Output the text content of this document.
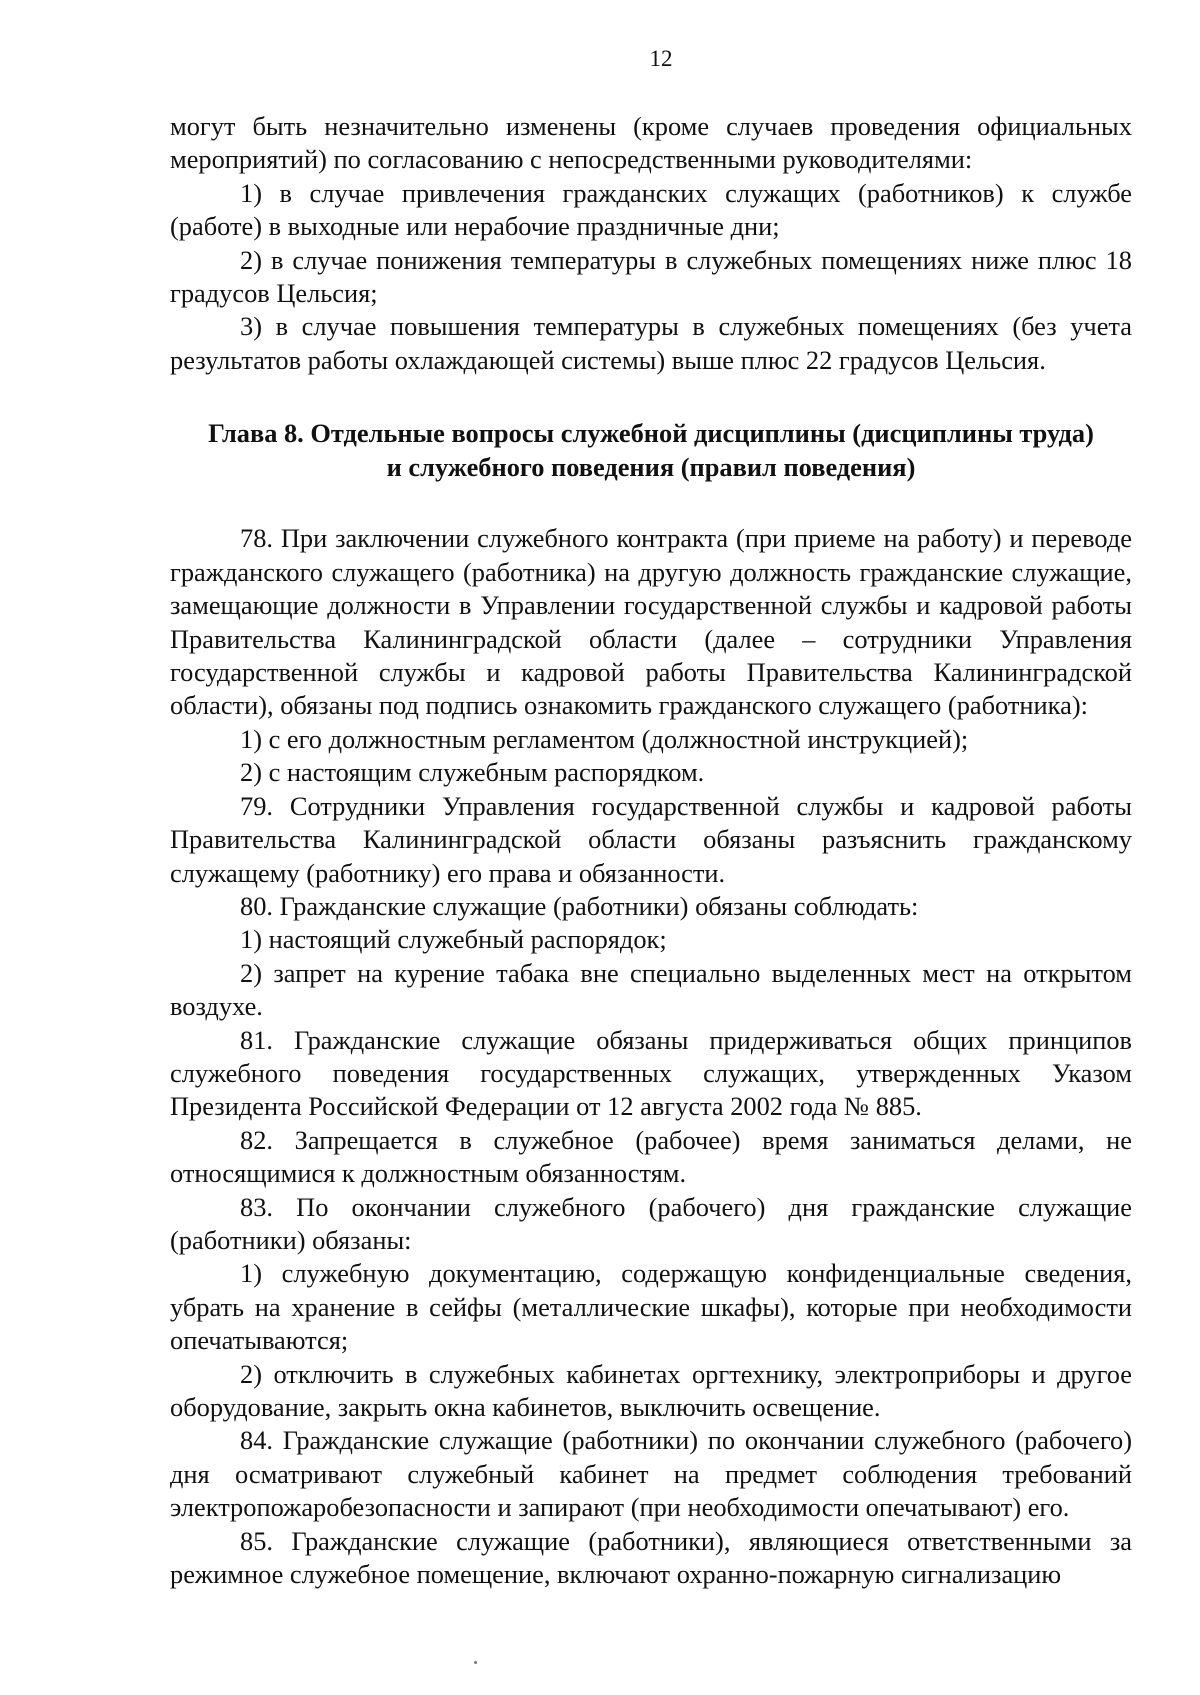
12

могут быть незначительно изменены (кроме случаев проведения официальных мероприятий) по согласованию с непосредственными руководителями:

1) в случае привлечения гражданских служащих (работников) к службе (работе) в выходные или нерабочие праздничные дни;

2) в случае понижения температуры в служебных помещениях ниже плюс 18 градусов Цельсия;

3) в случае повышения температуры в служебных помещениях (без учета результатов работы охлаждающей системы) выше плюс 22 градусов Цельсия.

Глава 8. Отдельные вопросы служебной дисциплины (дисциплины труда)
и служебного поведения (правил поведения)

78. При заключении служебного контракта (при приеме на работу) и переводе гражданского служащего (работника) на другую должность гражданские служащие, замещающие должности в Управлении государственной службы и кадровой работы Правительства Калининградской области (далее – сотрудники Управления государственной службы и кадровой работы Правительства Калининградской области), обязаны под подпись ознакомить гражданского служащего (работника):

1) с его должностным регламентом (должностной инструкцией);

2) с настоящим служебным распорядком.

79. Сотрудники Управления государственной службы и кадровой работы Правительства Калининградской области обязаны разъяснить гражданскому служащему (работнику) его права и обязанности.

80. Гражданские служащие (работники) обязаны соблюдать:

1) настоящий служебный распорядок;

2) запрет на курение табака вне специально выделенных мест на открытом воздухе.

81. Гражданские служащие обязаны придерживаться общих принципов служебного поведения государственных служащих, утвержденных Указом Президента Российской Федерации от 12 августа 2002 года № 885.

82. Запрещается в служебное (рабочее) время заниматься делами, не относящимися к должностным обязанностям.

83. По окончании служебного (рабочего) дня гражданские служащие (работники) обязаны:

1) служебную документацию, содержащую конфиденциальные сведения, убрать на хранение в сейфы (металлические шкафы), которые при необходимости опечатываются;

2) отключить в служебных кабинетах оргтехнику, электроприборы и другое оборудование, закрыть окна кабинетов, выключить освещение.

84. Гражданские служащие (работники) по окончании служебного (рабочего) дня осматривают служебный кабинет на предмет соблюдения требований электропожаробезопасности и запирают (при необходимости опечатывают) его.

85. Гражданские служащие (работники), являющиеся ответственными за режимное служебное помещение, включают охранно-пожарную сигнализацию
